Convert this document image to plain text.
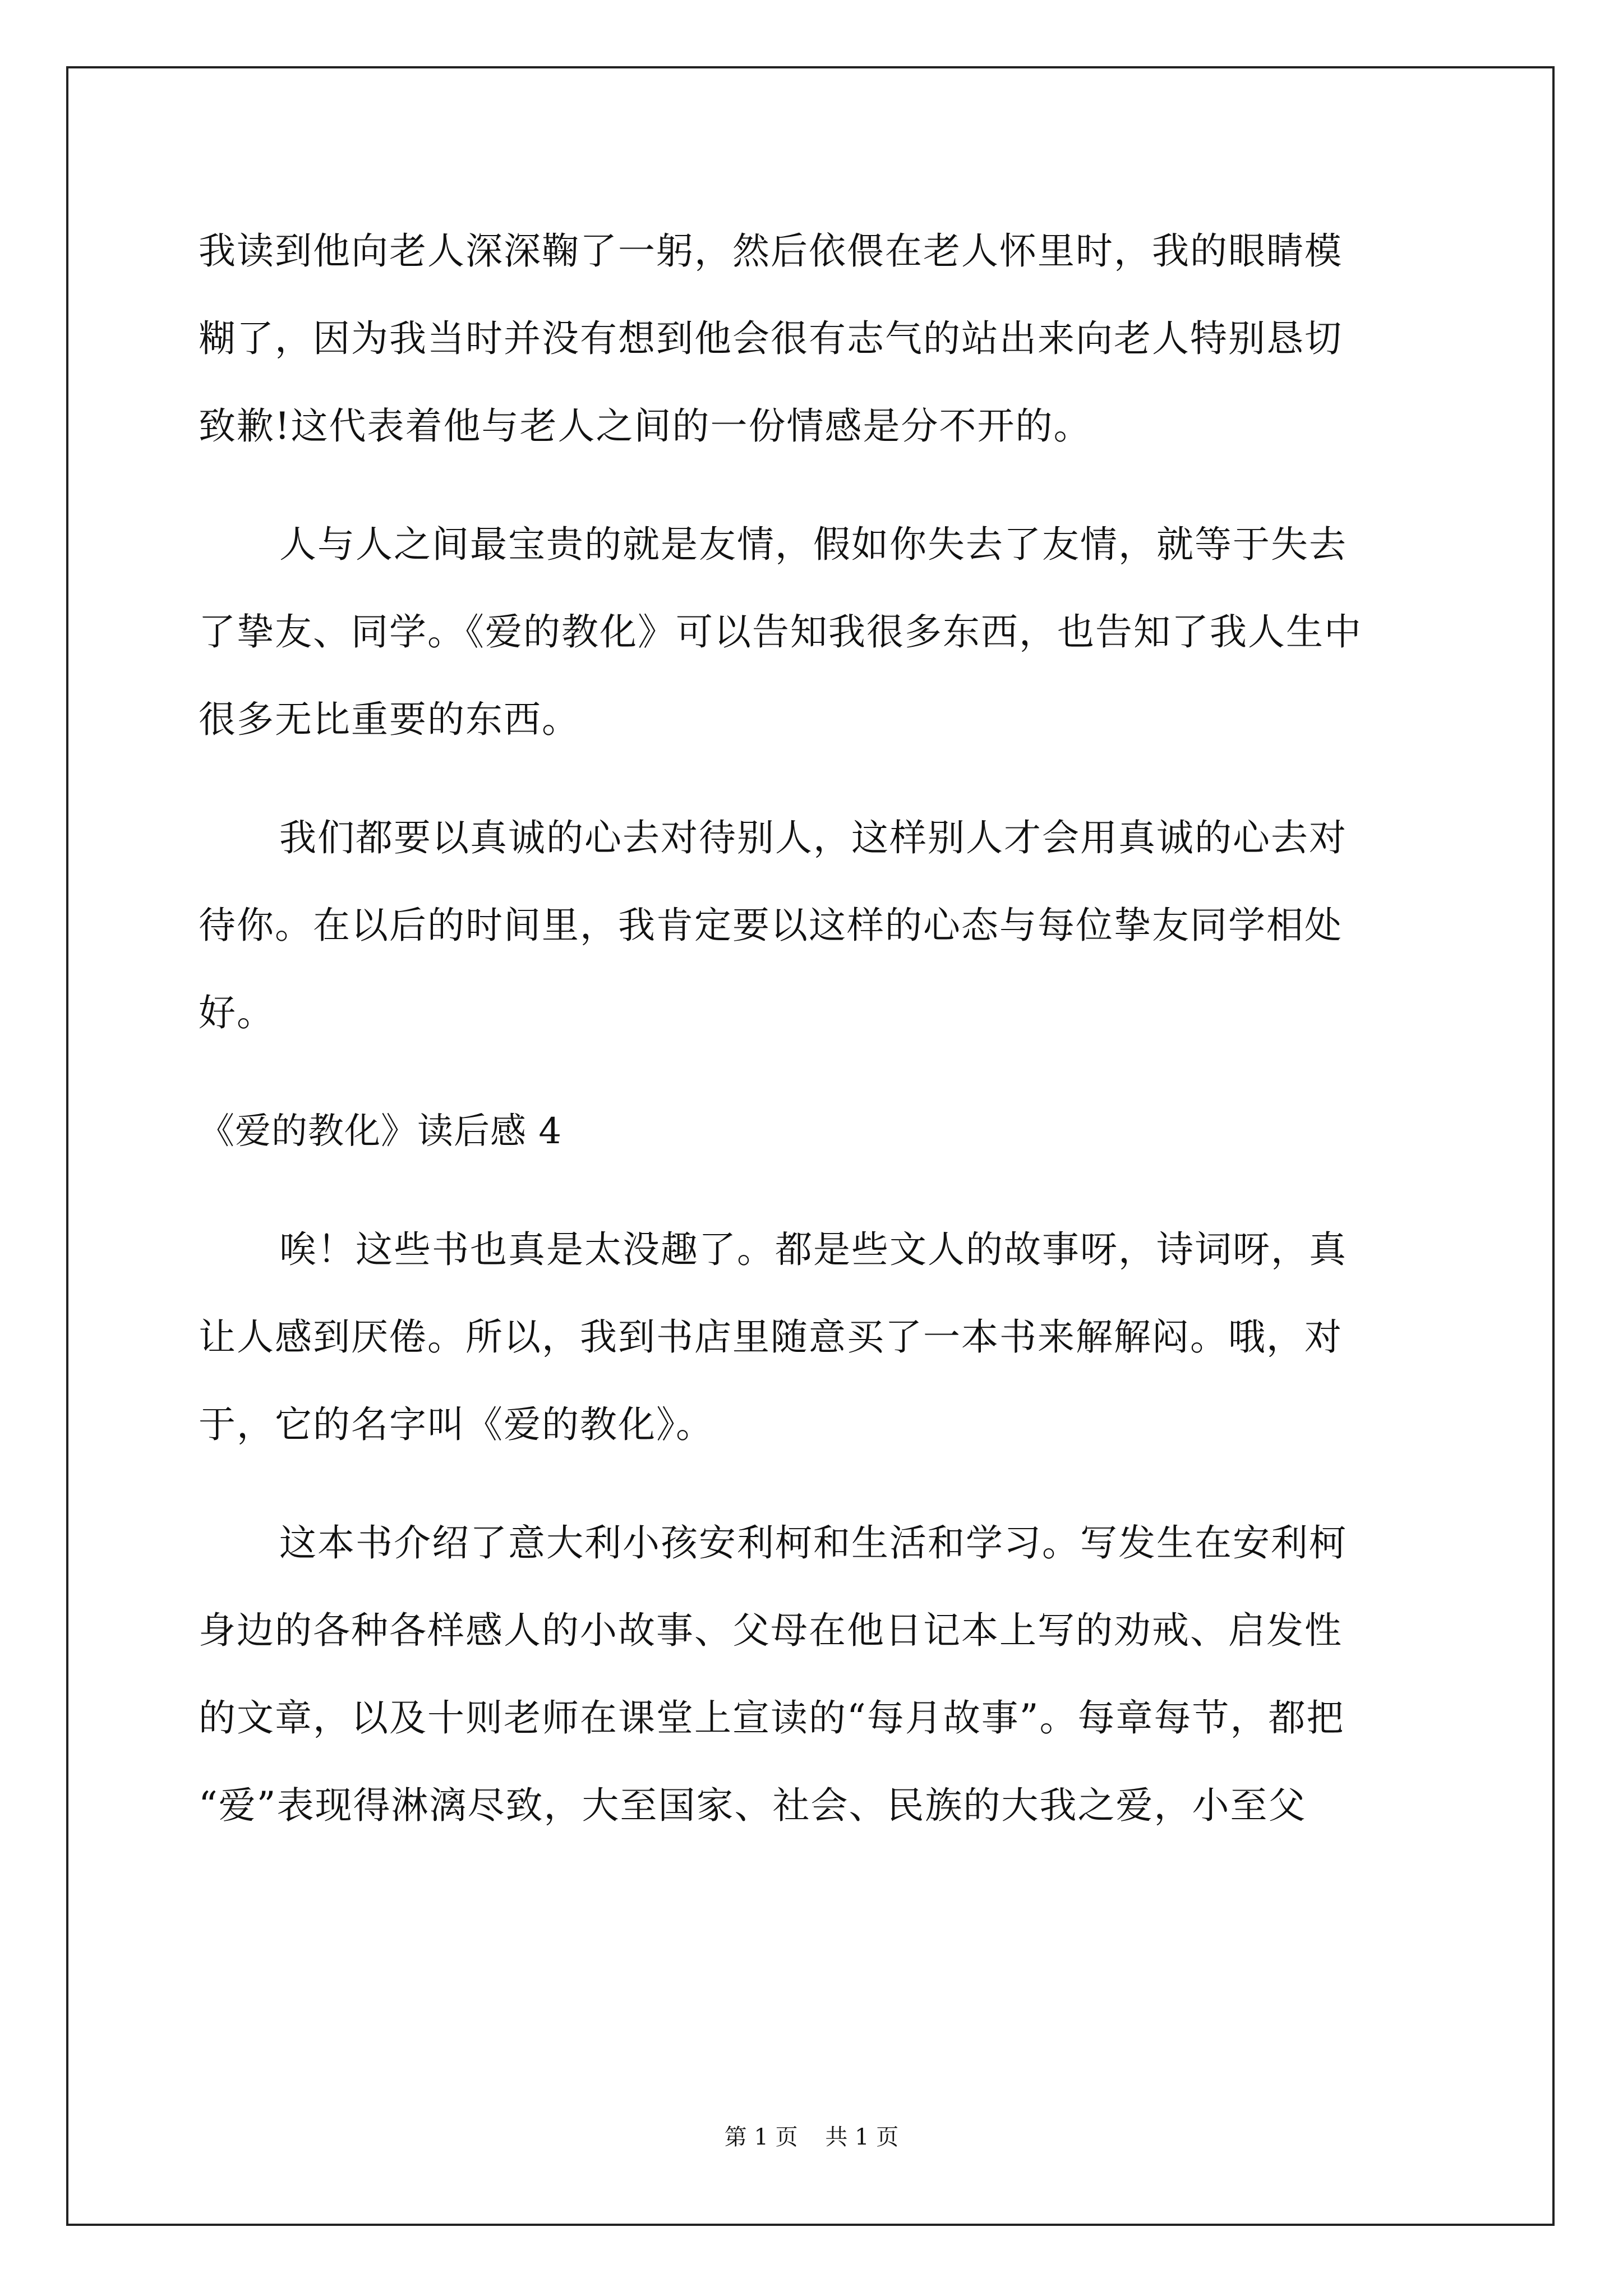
我读到他向老人深深鞠了一躬，然后依偎在老人怀里时，我的眼睛模
糊了，因为我当时并没有想到他会很有志气的站出来向老人特别恳切
致歉!这代表着他与老人之间的一份情感是分不开的。
人与人之间最宝贵的就是友情，假如你失去了友情，就等于失去
了挚友、同学。《爱的教化》可以告知我很多东西，也告知了我人生中
很多无比重要的东西。
我们都要以真诚的心去对待别人，这样别人才会用真诚的心去对
待你。在以后的时间里，我肯定要以这样的心态与每位挚友同学相处
好。
《爱的教化》读后感 4
唉！这些书也真是太没趣了。都是些文人的故事呀，诗词呀，真
让人感到厌倦。所以，我到书店里随意买了一本书来解解闷。哦，对
于，它的名字叫《爱的教化》。
这本书介绍了意大利小孩安利柯和生活和学习。写发生在安利柯
身边的各种各样感人的小故事、父母在他日记本上写的劝戒、启发性
的文章，以及十则老师在课堂上宣读的“每月故事”。每章每节，都把
“爱”表现得淋漓尽致，大至国家、社会、民族的大我之爱，小至父
第 1 页 共 1 页
